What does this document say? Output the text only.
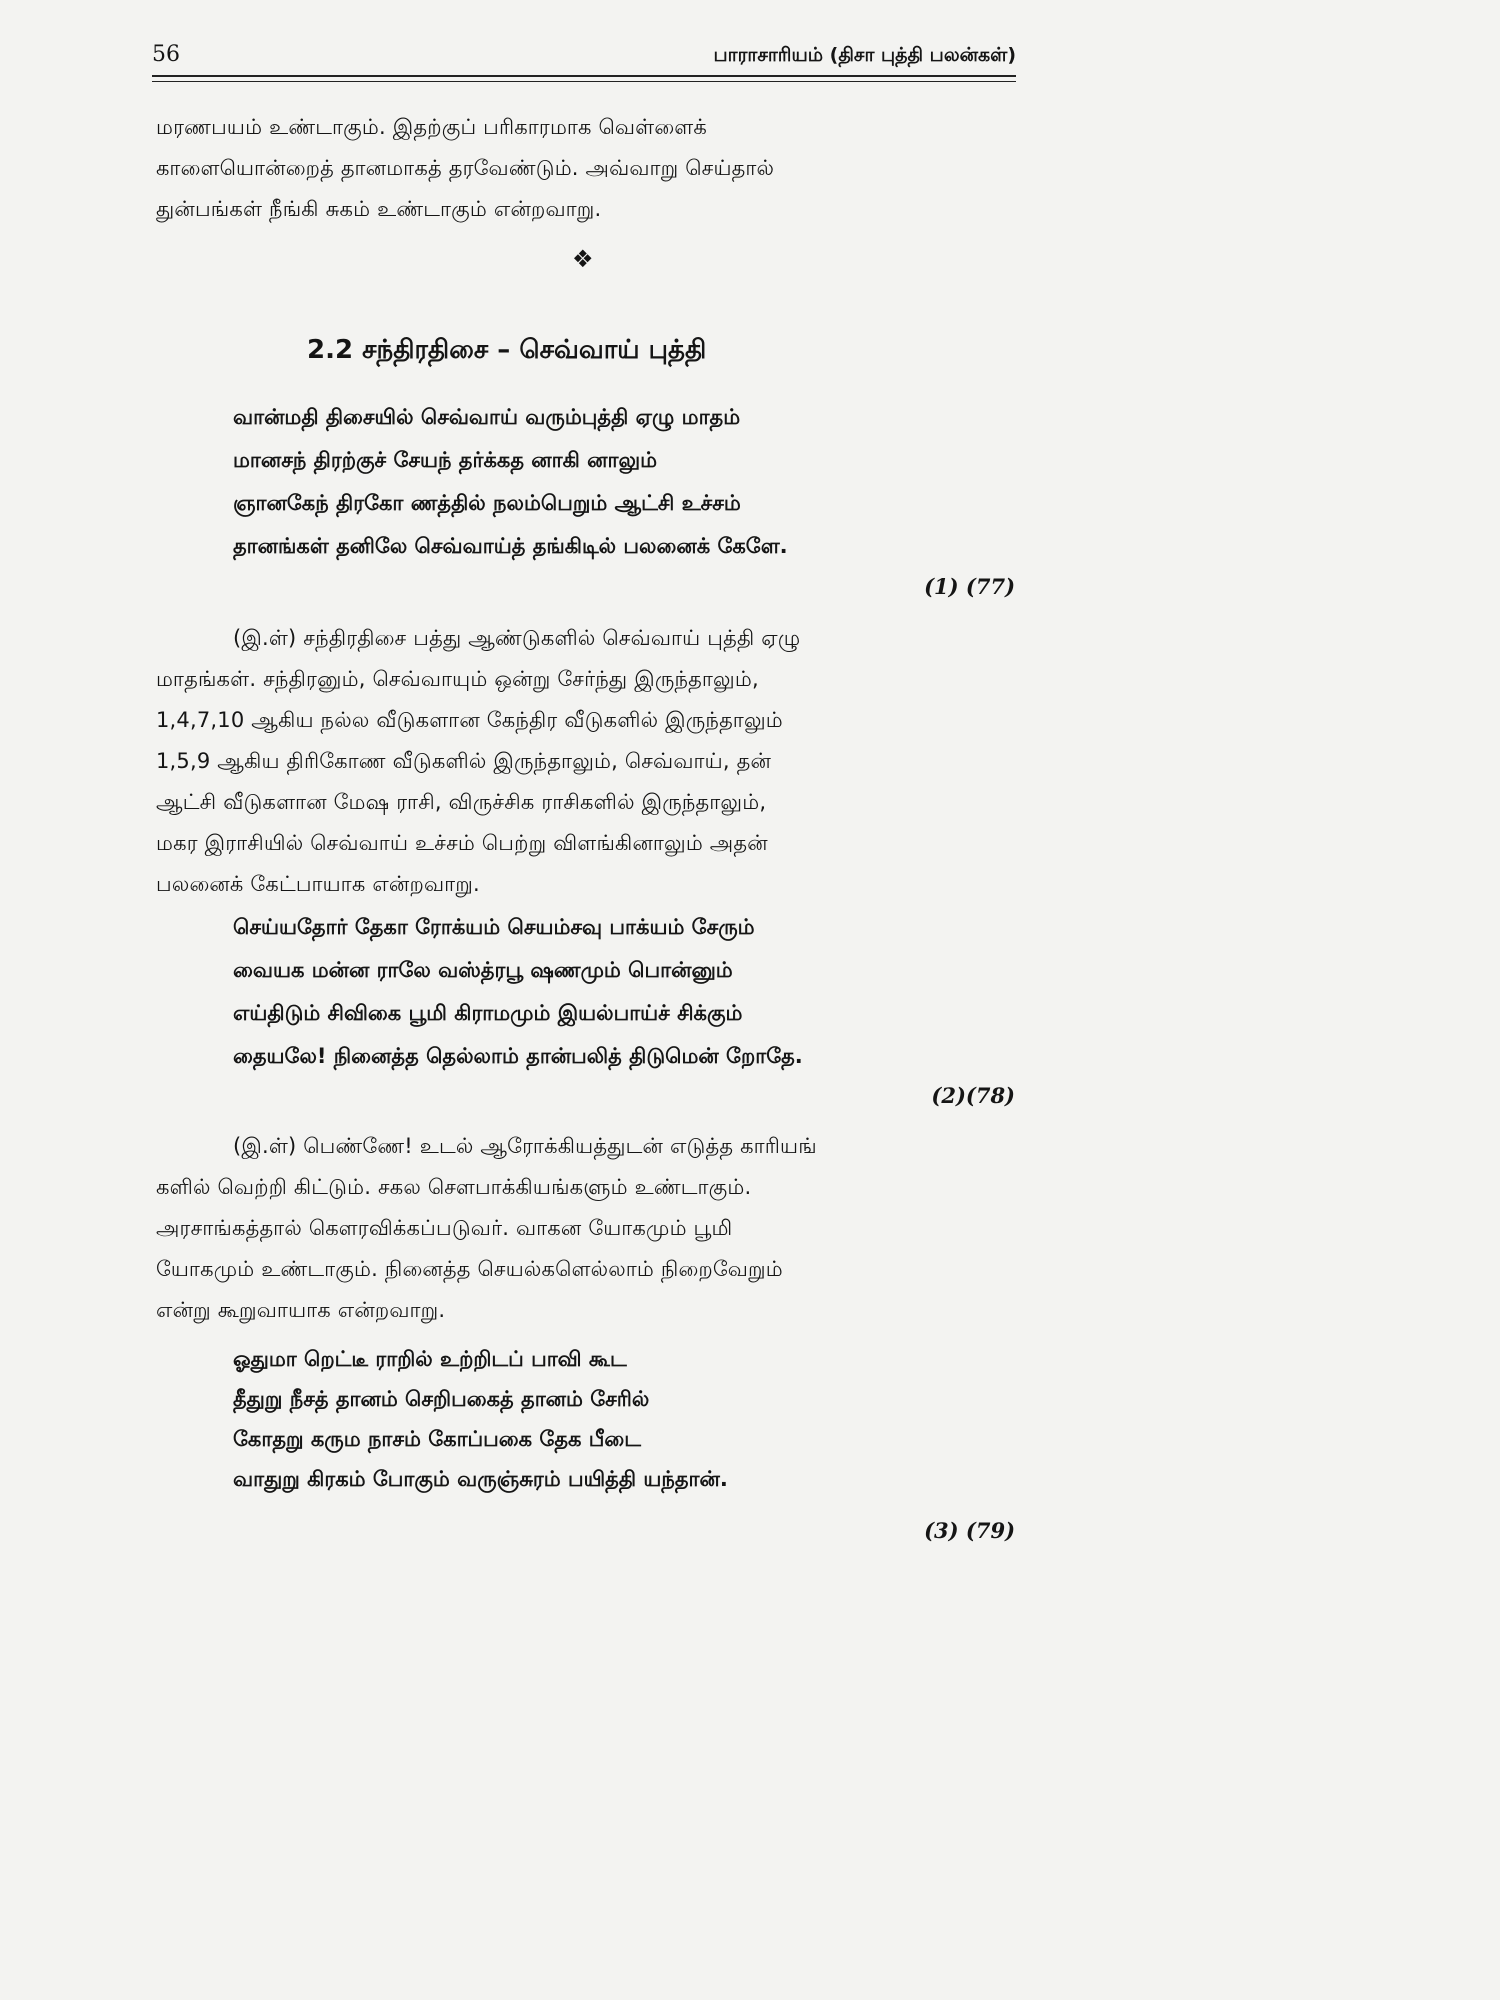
56	பாராசாரியம் (திசா புத்தி பலன்கள்)
மரணபயம் உண்டாகும். இதற்குப் பரிகாரமாக வெள்ளைக்
காளையொன்றைத் தானமாகத் தரவேண்டும். அவ்வாறு செய்தால்
துன்பங்கள் நீங்கி சுகம் உண்டாகும் என்றவாறு.
❖
2.2 சந்திரதிசை – செவ்வாய் புத்தி
வான்மதி திசையில் செவ்வாய் வரும்புத்தி ஏழு மாதம்
மானசந் திரற்குச் சேயந் தர்க்கத னாகி னாலும்
ஞானகேந் திரகோ ணத்தில் நலம்பெறும் ஆட்சி உச்சம்
தானங்கள் தனிலே செவ்வாய்த் தங்கிடில் பலனைக் கேளே.
(1) (77)
(இ.ள்) சந்திரதிசை பத்து ஆண்டுகளில் செவ்வாய் புத்தி ஏழு
மாதங்கள். சந்திரனும், செவ்வாயும் ஒன்று சேர்ந்து இருந்தாலும்,
1,4,7,10 ஆகிய நல்ல வீடுகளான கேந்திர வீடுகளில் இருந்தாலும்
1,5,9 ஆகிய திரிகோண வீடுகளில் இருந்தாலும், செவ்வாய், தன்
ஆட்சி வீடுகளான மேஷ ராசி, விருச்சிக ராசிகளில் இருந்தாலும்,
மகர இராசியில் செவ்வாய் உச்சம் பெற்று விளங்கினாலும் அதன்
பலனைக் கேட்பாயாக என்றவாறு.
செய்யதோர் தேகா ரோக்யம் செயம்சவு பாக்யம் சேரும்
வையக மன்ன ராலே வஸ்த்ரபூ ஷணமும் பொன்னும்
எய்திடும் சிவிகை பூமி கிராமமும் இயல்பாய்ச் சிக்கும்
தையலே! நினைத்த தெல்லாம் தான்பலித் திடுமென் றோதே.
(2)(78)
(இ.ள்) பெண்ணே! உடல் ஆரோக்கியத்துடன் எடுத்த காரியங்
களில் வெற்றி கிட்டும். சகல சௌபாக்கியங்களும் உண்டாகும்.
அரசாங்கத்தால் கௌரவிக்கப்படுவர். வாகன யோகமும் பூமி
யோகமும் உண்டாகும். நினைத்த செயல்களெல்லாம் நிறைவேறும்
என்று கூறுவாயாக என்றவாறு.
ஓதுமா றெட்டீ ராறில் உற்றிடப் பாவி கூட
தீதுறு நீசத் தானம் செறிபகைத் தானம் சேரில்
கோதறு கரும நாசம் கோப்பகை தேக பீடை
வாதுறு கிரகம் போகும் வருஞ்சுரம் பயித்தி யந்தான்.
(3) (79)
